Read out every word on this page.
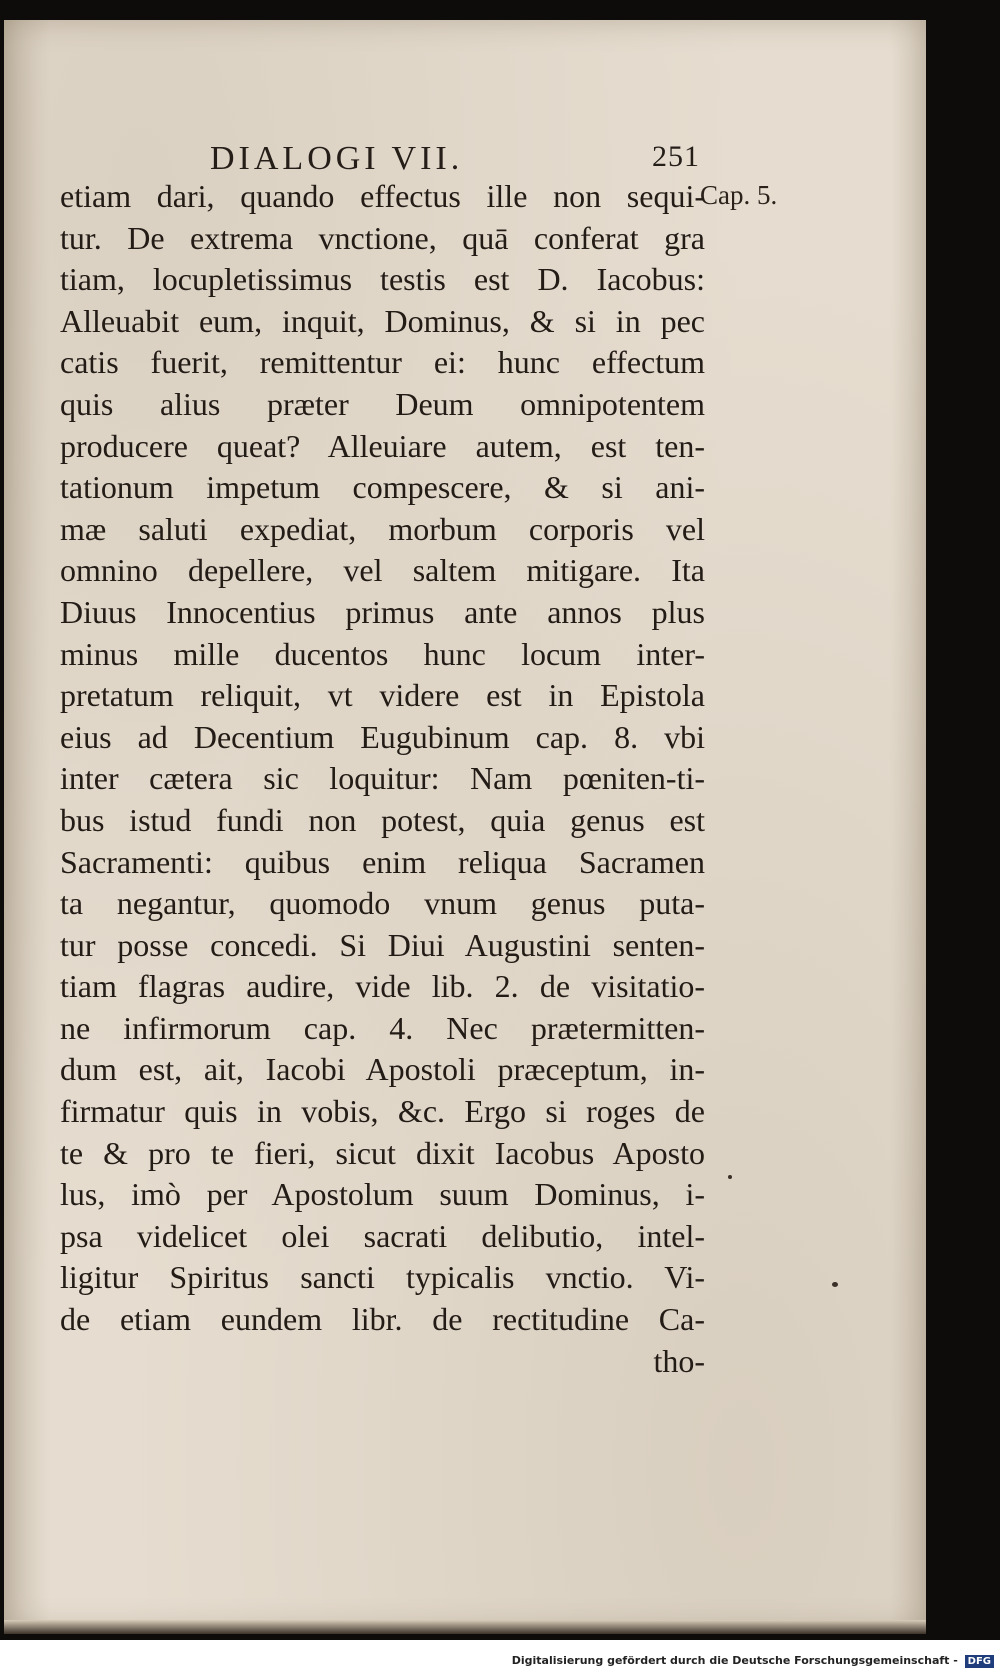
DIALOGI VII.	251
Cap. 5.
etiam dari, quando effectus ille non sequi-
tur. De extrema vnctione, quā conferat gra
tiam, locupletissimus testis est D. Iacobus:
Alleuabit eum, inquit, Dominus, & si in pec
catis fuerit, remittentur ei: hunc effectum
quis alius præter Deum omnipotentem
producere queat? Alleuiare autem, est ten-
tationum impetum compescere, & si ani-
mæ saluti expediat, morbum corporis vel
omnino depellere, vel saltem mitigare. Ita
Diuus Innocentius primus ante annos plus
minus mille ducentos hunc locum inter-
pretatum reliquit, vt videre est in Epistola
eius ad Decentium Eugubinum cap. 8. vbi
inter cætera sic loquitur: Nam pœniten-ti-
bus istud fundi non potest, quia genus est
Sacramenti: quibus enim reliqua Sacramen
ta negantur, quomodo vnum genus puta-
tur posse concedi. Si Diui Augustini senten-
tiam flagras audire, vide lib. 2. de visitatio-
ne infirmorum cap. 4. Nec prætermitten-
dum est, ait, Iacobi Apostoli præceptum, in-
firmatur quis in vobis, &c. Ergo si roges de
te & pro te fieri, sicut dixit Iacobus Aposto
lus, imò per Apostolum suum Dominus, i-
psa videlicet olei sacrati delibutio, intel-
ligitur Spiritus sancti typicalis vnctio. Vi-
de etiam eundem libr. de rectitudine Ca-
tho-
Digitalisierung gefördert durch die Deutsche Forschungsgemeinschaft - DFG
